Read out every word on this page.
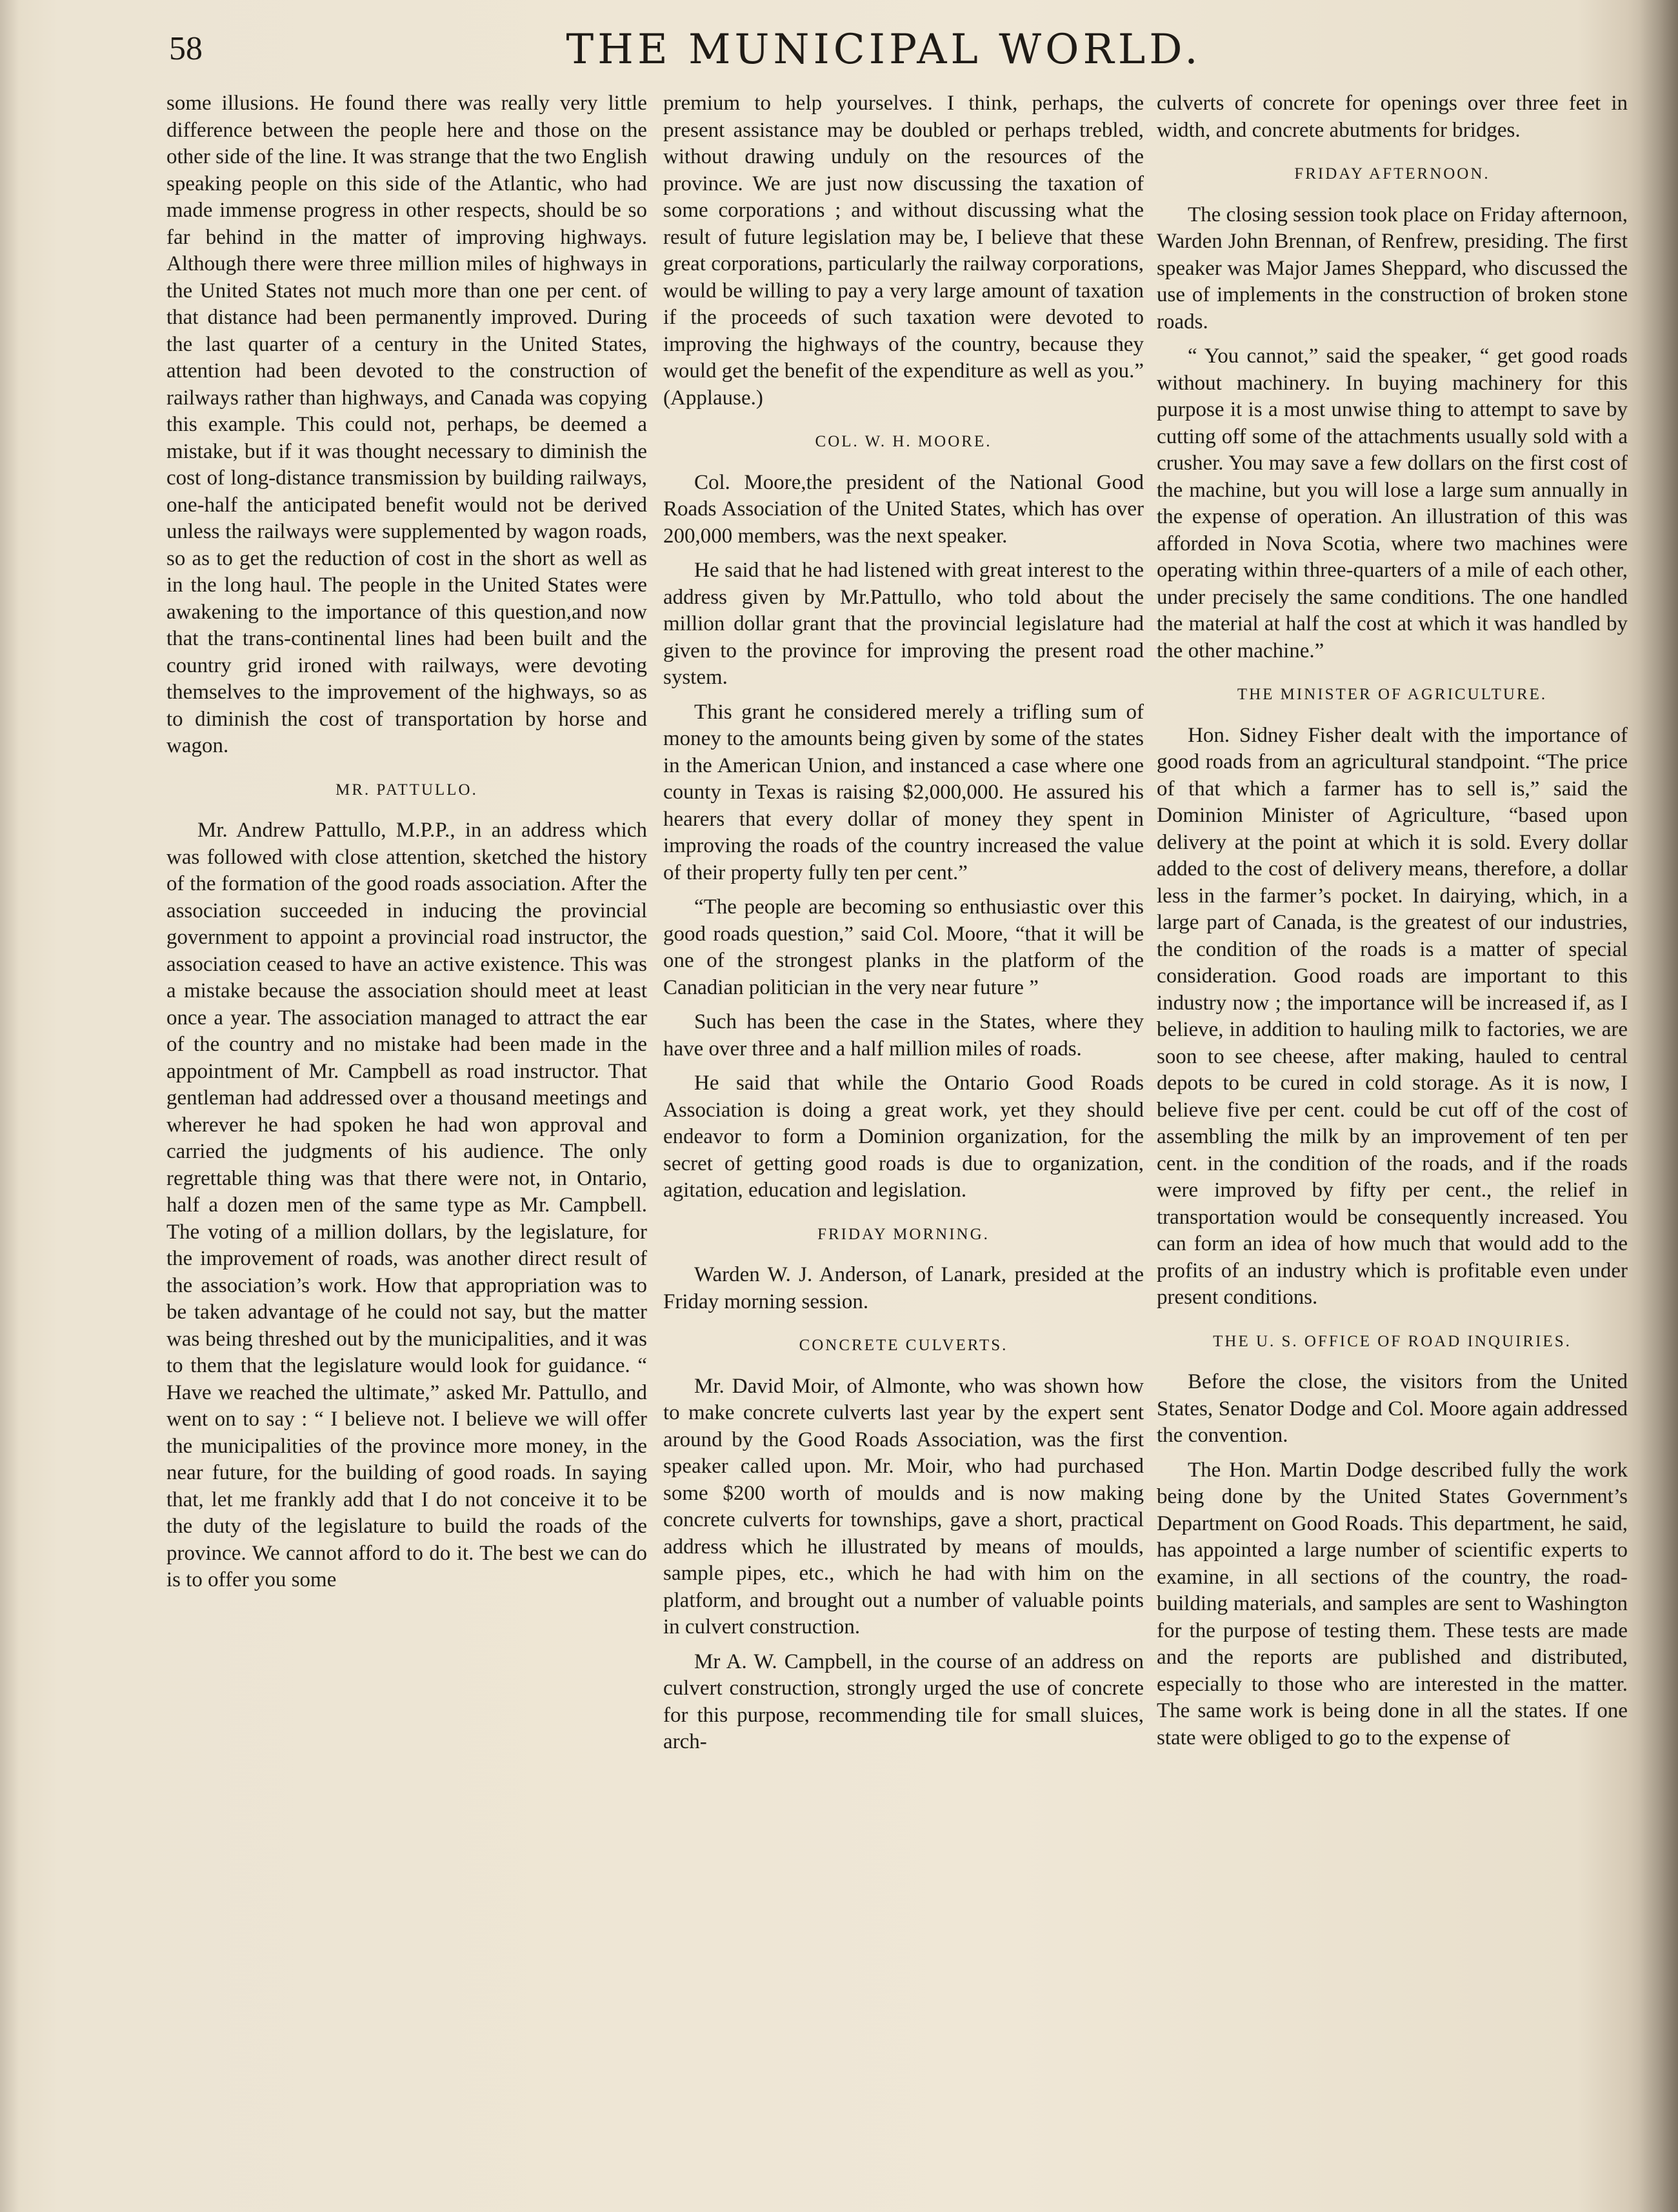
58	THE MUNICIPAL WORLD.

some illusions. He found there was really very little difference between the people here and those on the other side of the line. It was strange that the two English speaking people on this side of the Atlantic, who had made immense progress in other respects, should be so far behind in the matter of improving highways. Although there were three million miles of highways in the United States not much more than one per cent. of that distance had been permanently improved. During the last quarter of a century in the United States, attention had been devoted to the construction of railways rather than highways, and Canada was copying this example. This could not, perhaps, be deemed a mistake, but if it was thought necessary to diminish the cost of long-distance transmission by building railways, one-half the anticipated benefit would not be derived unless the railways were supplemented by wagon roads, so as to get the reduction of cost in the short as well as in the long haul. The people in the United States were awakening to the importance of this question,and now that the trans-continental lines had been built and the country grid ironed with railways, were devoting themselves to the improvement of the highways, so as to diminish the cost of transportation by horse and wagon.

MR. PATTULLO.

Mr. Andrew Pattullo, M.P.P., in an address which was followed with close attention, sketched the history of the formation of the good roads association. After the association succeeded in inducing the provincial government to appoint a provincial road instructor, the association ceased to have an active existence. This was a mistake because the association should meet at least once a year. The association managed to attract the ear of the country and no mistake had been made in the appointment of Mr. Campbell as road instructor. That gentleman had addressed over a thousand meetings and wherever he had spoken he had won approval and carried the judgments of his audience. The only regrettable thing was that there were not, in Ontario, half a dozen men of the same type as Mr. Campbell. The voting of a million dollars, by the legislature, for the improvement of roads, was another direct result of the association’s work. How that appropriation was to be taken advantage of he could not say, but the matter was being threshed out by the municipalities, and it was to them that the legislature would look for guidance. “ Have we reached the ultimate,” asked Mr. Pattullo, and went on to say : “ I believe not. I believe we will offer the municipalities of the province more money, in the near future, for the building of good roads. In saying that, let me frankly add that I do not conceive it to be the duty of the legislature to build the roads of the province. We cannot afford to do it. The best we can do is to offer you some

premium to help yourselves. I think, perhaps, the present assistance may be doubled or perhaps trebled, without drawing unduly on the resources of the province. We are just now discussing the taxation of some corporations ; and without discussing what the result of future legislation may be, I believe that these great corporations, particularly the railway corporations, would be willing to pay a very large amount of taxation if the proceeds of such taxation were devoted to improving the highways of the country, because they would get the benefit of the expenditure as well as you.” (Applause.)

COL. W. H. MOORE.

Col. Moore,the president of the National Good Roads Association of the United States, which has over 200,000 members, was the next speaker.

He said that he had listened with great interest to the address given by Mr.Pattullo, who told about the million dollar grant that the provincial legislature had given to the province for improving the present road system.

This grant he considered merely a trifling sum of money to the amounts being given by some of the states in the American Union, and instanced a case where one county in Texas is raising $2,000,000. He assured his hearers that every dollar of money they spent in improving the roads of the country increased the value of their property fully ten per cent.”

“The people are becoming so enthusiastic over this good roads question,” said Col. Moore, “that it will be one of the strongest planks in the platform of the Canadian politician in the very near future ”

Such has been the case in the States, where they have over three and a half million miles of roads.

He said that while the Ontario Good Roads Association is doing a great work, yet they should endeavor to form a Dominion organization, for the secret of getting good roads is due to organization, agitation, education and legislation.

FRIDAY MORNING.

Warden W. J. Anderson, of Lanark, presided at the Friday morning session.

CONCRETE CULVERTS.

Mr. David Moir, of Almonte, who was shown how to make concrete culverts last year by the expert sent around by the Good Roads Association, was the first speaker called upon. Mr. Moir, who had purchased some $200 worth of moulds and is now making concrete culverts for townships, gave a short, practical address which he illustrated by means of moulds, sample pipes, etc., which he had with him on the platform, and brought out a number of valuable points in culvert construction.

Mr A. W. Campbell, in the course of an address on culvert construction, strongly urged the use of concrete for this purpose, recommending tile for small sluices, arch-

culverts of concrete for openings over three feet in width, and concrete abutments for bridges.

FRIDAY AFTERNOON.

The closing session took place on Friday afternoon, Warden John Brennan, of Renfrew, presiding. The first speaker was Major James Sheppard, who discussed the use of implements in the construction of broken stone roads.

“ You cannot,” said the speaker, “ get good roads without machinery. In buying machinery for this purpose it is a most unwise thing to attempt to save by cutting off some of the attachments usually sold with a crusher. You may save a few dollars on the first cost of the machine, but you will lose a large sum annually in the expense of operation. An illustration of this was afforded in Nova Scotia, where two machines were operating within three-quarters of a mile of each other, under precisely the same conditions. The one handled the material at half the cost at which it was handled by the other machine.”

THE MINISTER OF AGRICULTURE.

Hon. Sidney Fisher dealt with the importance of good roads from an agricultural standpoint. “The price of that which a farmer has to sell is,” said the Dominion Minister of Agriculture, “based upon delivery at the point at which it is sold. Every dollar added to the cost of delivery means, therefore, a dollar less in the farmer’s pocket. In dairying, which, in a large part of Canada, is the greatest of our industries, the condition of the roads is a matter of special consideration. Good roads are important to this industry now ; the importance will be increased if, as I believe, in addition to hauling milk to factories, we are soon to see cheese, after making, hauled to central depots to be cured in cold storage. As it is now, I believe five per cent. could be cut off of the cost of assembling the milk by an improvement of ten per cent. in the condition of the roads, and if the roads were improved by fifty per cent., the relief in transportation would be consequently increased. You can form an idea of how much that would add to the profits of an industry which is profitable even under present conditions.

THE U. S. OFFICE OF ROAD INQUIRIES.

Before the close, the visitors from the United States, Senator Dodge and Col. Moore again addressed the convention.

The Hon. Martin Dodge described fully the work being done by the United States Government’s Department on Good Roads. This department, he said, has appointed a large number of scientific experts to examine, in all sections of the country, the road-building materials, and samples are sent to Washington for the purpose of testing them. These tests are made and the reports are published and distributed, especially to those who are interested in the matter. The same work is being done in all the states. If one state were obliged to go to the expense of
